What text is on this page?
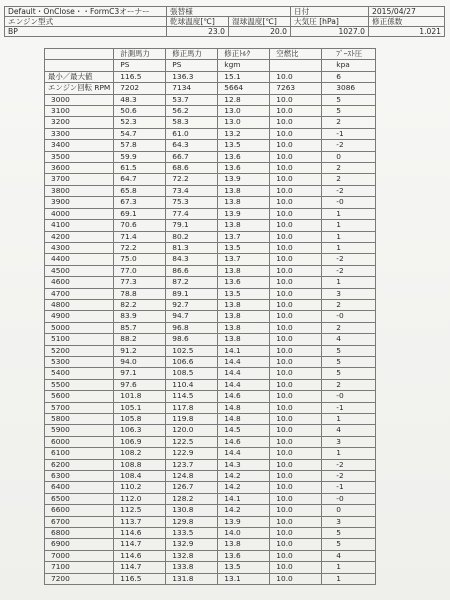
Default・OnClose・・FormC3オーナー	張替様		日付	2015/04/27
エンジン型式	乾球温度[℃]	湿球温度[℃]	大気圧 [hPa]	修正係数
BP	23.0	20.0	1027.0	1.021
	計測馬力	修正馬力	修正ﾄﾙｸ	空燃比	ﾌﾞｰｽﾄ圧
	PS	PS	kgm		kpa
最小／最大値	116.5	136.3	15.1	10.0	6
エンジン回転 RPM	7202	7134	5664	7263	3086
3000	48.3	53.7	12.8	10.0	5
3100	50.6	56.2	13.0	10.0	5
3200	52.3	58.3	13.0	10.0	2
3300	54.7	61.0	13.2	10.0	-1
3400	57.8	64.3	13.5	10.0	-2
3500	59.9	66.7	13.6	10.0	0
3600	61.5	68.6	13.6	10.0	2
3700	64.7	72.2	13.9	10.0	2
3800	65.8	73.4	13.8	10.0	-2
3900	67.3	75.3	13.8	10.0	-0
4000	69.1	77.4	13.9	10.0	1
4100	70.6	79.1	13.8	10.0	1
4200	71.4	80.2	13.7	10.0	1
4300	72.2	81.3	13.5	10.0	1
4400	75.0	84.3	13.7	10.0	-2
4500	77.0	86.6	13.8	10.0	-2
4600	77.3	87.2	13.6	10.0	1
4700	78.8	89.1	13.5	10.0	3
4800	82.2	92.7	13.8	10.0	2
4900	83.9	94.7	13.8	10.0	-0
5000	85.7	96.8	13.8	10.0	2
5100	88.2	98.6	13.8	10.0	4
5200	91.2	102.5	14.1	10.0	5
5300	94.0	106.6	14.4	10.0	5
5400	97.1	108.5	14.4	10.0	5
5500	97.6	110.4	14.4	10.0	2
5600	101.8	114.5	14.6	10.0	-0
5700	105.1	117.8	14.8	10.0	-1
5800	105.8	119.8	14.8	10.0	1
5900	106.3	120.0	14.5	10.0	4
6000	106.9	122.5	14.6	10.0	3
6100	108.2	122.9	14.4	10.0	1
6200	108.8	123.7	14.3	10.0	-2
6300	108.4	124.8	14.2	10.0	-2
6400	110.2	126.7	14.2	10.0	-1
6500	112.0	128.2	14.1	10.0	-0
6600	112.5	130.8	14.2	10.0	0
6700	113.7	129.8	13.9	10.0	3
6800	114.6	133.5	14.0	10.0	5
6900	114.7	132.9	13.8	10.0	5
7000	114.6	132.8	13.6	10.0	4
7100	114.7	133.8	13.5	10.0	1
7200	116.5	131.8	13.1	10.0	1
